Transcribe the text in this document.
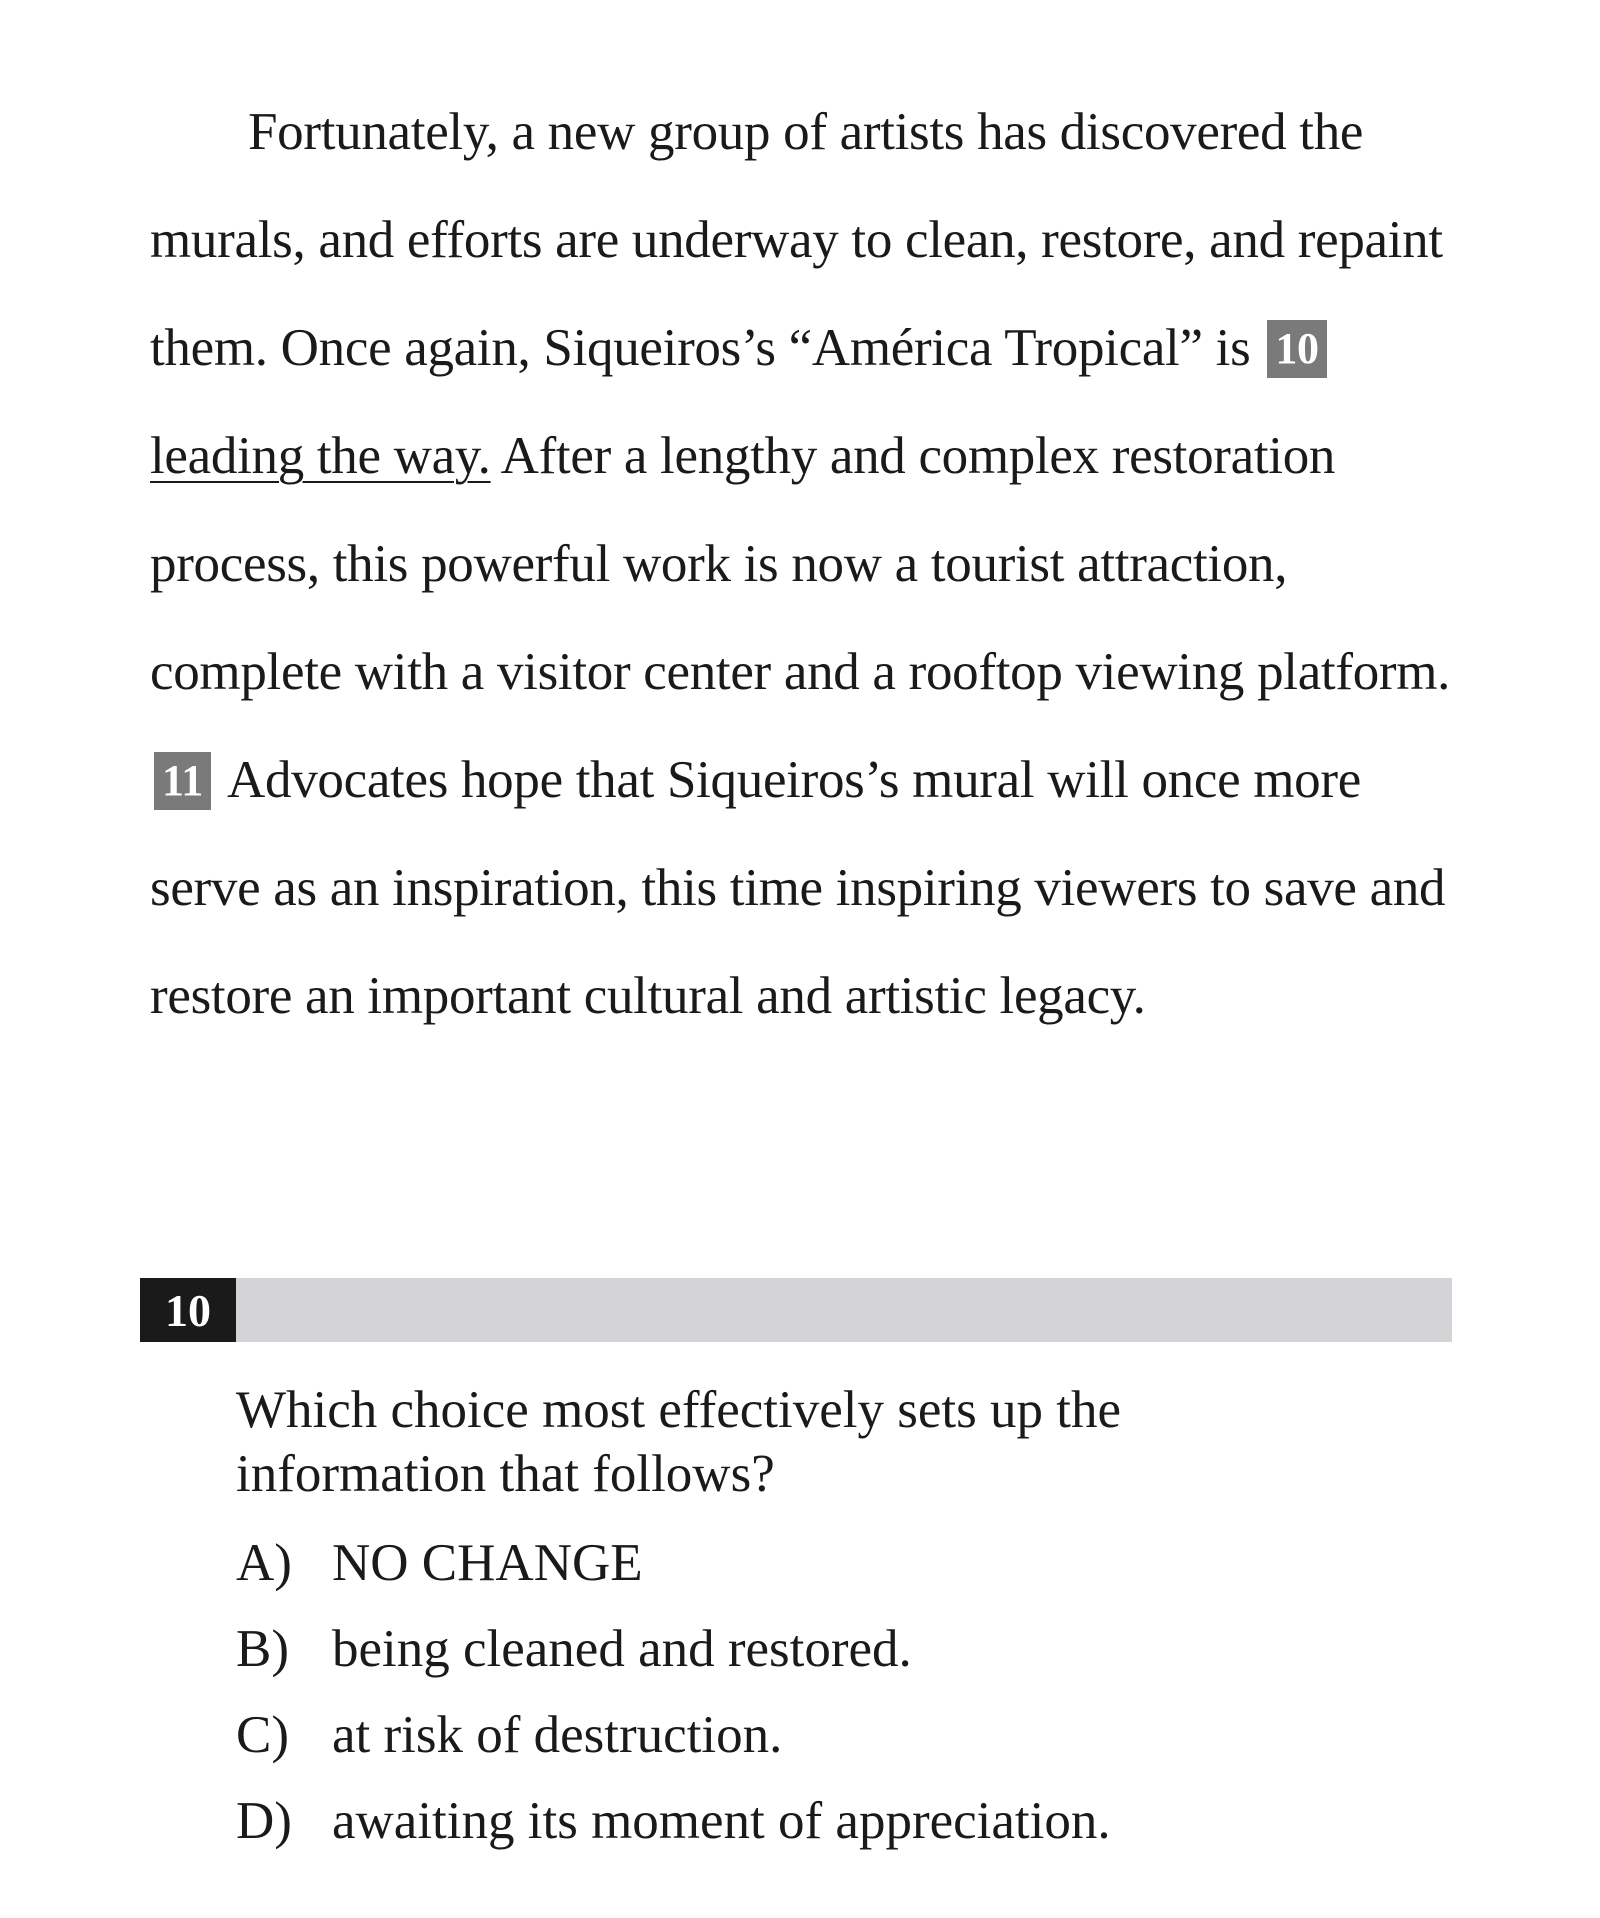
Fortunately, a new group of artists has discovered the murals, and efforts are underway to clean, restore, and repaint them. Once again, Siqueiros’s “América Tropical” is 10leading the way. After a lengthy and complex restoration process, this powerful work is now a tourist attraction, complete with a visitor center and a rooftop viewing platform. 11 Advocates hope that Siqueiros’s mural will once more serve as an inspiration, this time inspiring viewers to save and restore an important cultural and artistic legacy.

10

Which choice most effectively sets up the information that follows?

A) NO CHANGE
B) being cleaned and restored.
C) at risk of destruction.
D) awaiting its moment of appreciation.
